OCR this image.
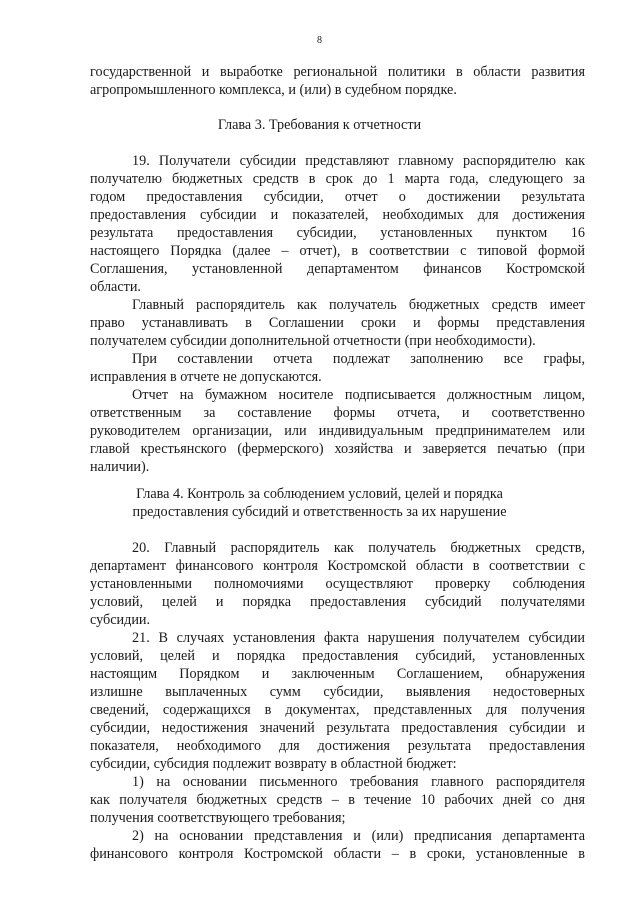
8
государственной и выработке региональной политики в области развития
агропромышленного комплекса, и (или) в судебном порядке.
Глава 3. Требования к отчетности
19. Получатели субсидии представляют главному распорядителю как
получателю бюджетных средств в срок до 1 марта года, следующего за
годом предоставления субсидии, отчет о достижении результата
предоставления субсидии и показателей, необходимых для достижения
результата предоставления субсидии, установленных пунктом 16
настоящего Порядка (далее – отчет), в соответствии с типовой формой
Соглашения, установленной департаментом финансов Костромской
области.
Главный распорядитель как получатель бюджетных средств имеет
право устанавливать в Соглашении сроки и формы представления
получателем субсидии дополнительной отчетности (при необходимости).
При составлении отчета подлежат заполнению все графы,
исправления в отчете не допускаются.
Отчет на бумажном носителе подписывается должностным лицом,
ответственным за составление формы отчета, и соответственно
руководителем организации, или индивидуальным предпринимателем или
главой крестьянского (фермерского) хозяйства и заверяется печатью (при
наличии).
Глава 4. Контроль за соблюдением условий, целей и порядка
предоставления субсидий и ответственность за их нарушение
20. Главный распорядитель как получатель бюджетных средств,
департамент финансового контроля Костромской области в соответствии с
установленными полномочиями осуществляют проверку соблюдения
условий, целей и порядка предоставления субсидий получателями
субсидии.
21. В случаях установления факта нарушения получателем субсидии
условий, целей и порядка предоставления субсидий, установленных
настоящим Порядком и заключенным Соглашением, обнаружения
излишне выплаченных сумм субсидии, выявления недостоверных
сведений, содержащихся в документах, представленных для получения
субсидии, недостижения значений результата предоставления субсидии и
показателя, необходимого для достижения результата предоставления
субсидии, субсидия подлежит возврату в областной бюджет:
1) на основании письменного требования главного распорядителя
как получателя бюджетных средств – в течение 10 рабочих дней со дня
получения соответствующего требования;
2) на основании представления и (или) предписания департамента
финансового контроля Костромской области – в сроки, установленные в
